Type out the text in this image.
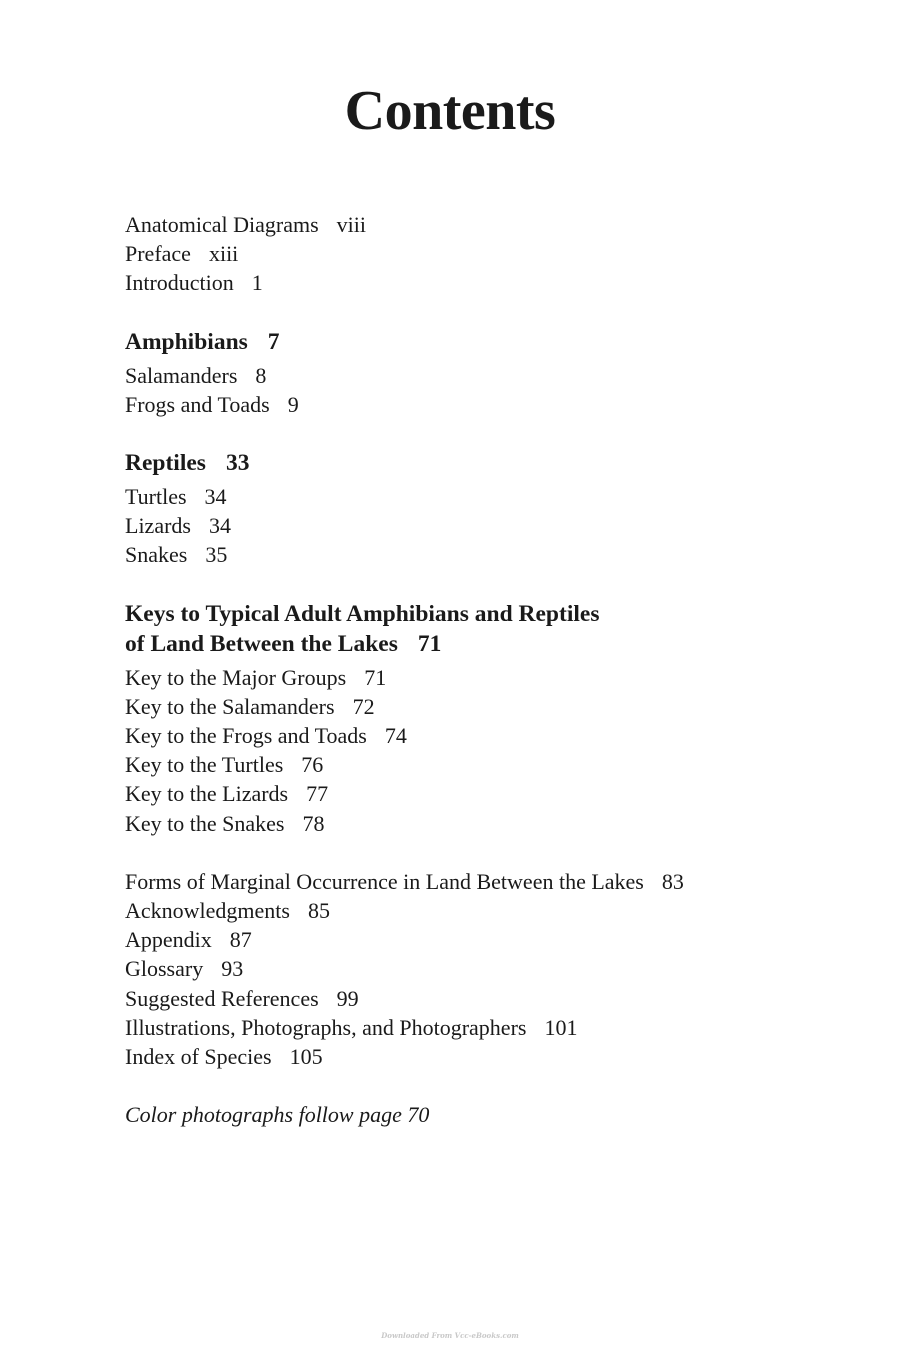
Contents
Anatomical Diagrams viii
Preface xiii
Introduction 1
Amphibians 7
Salamanders 8
Frogs and Toads 9
Reptiles 33
Turtles 34
Lizards 34
Snakes 35
Keys to Typical Adult Amphibians and Reptiles
of Land Between the Lakes 71
Key to the Major Groups 71
Key to the Salamanders 72
Key to the Frogs and Toads 74
Key to the Turtles 76
Key to the Lizards 77
Key to the Snakes 78
Forms of Marginal Occurrence in Land Between the Lakes 83
Acknowledgments 85
Appendix 87
Glossary 93
Suggested References 99
Illustrations, Photographs, and Photographers 101
Index of Species 105
Color photographs follow page 70
Downloaded From Vcc-eBooks.com
